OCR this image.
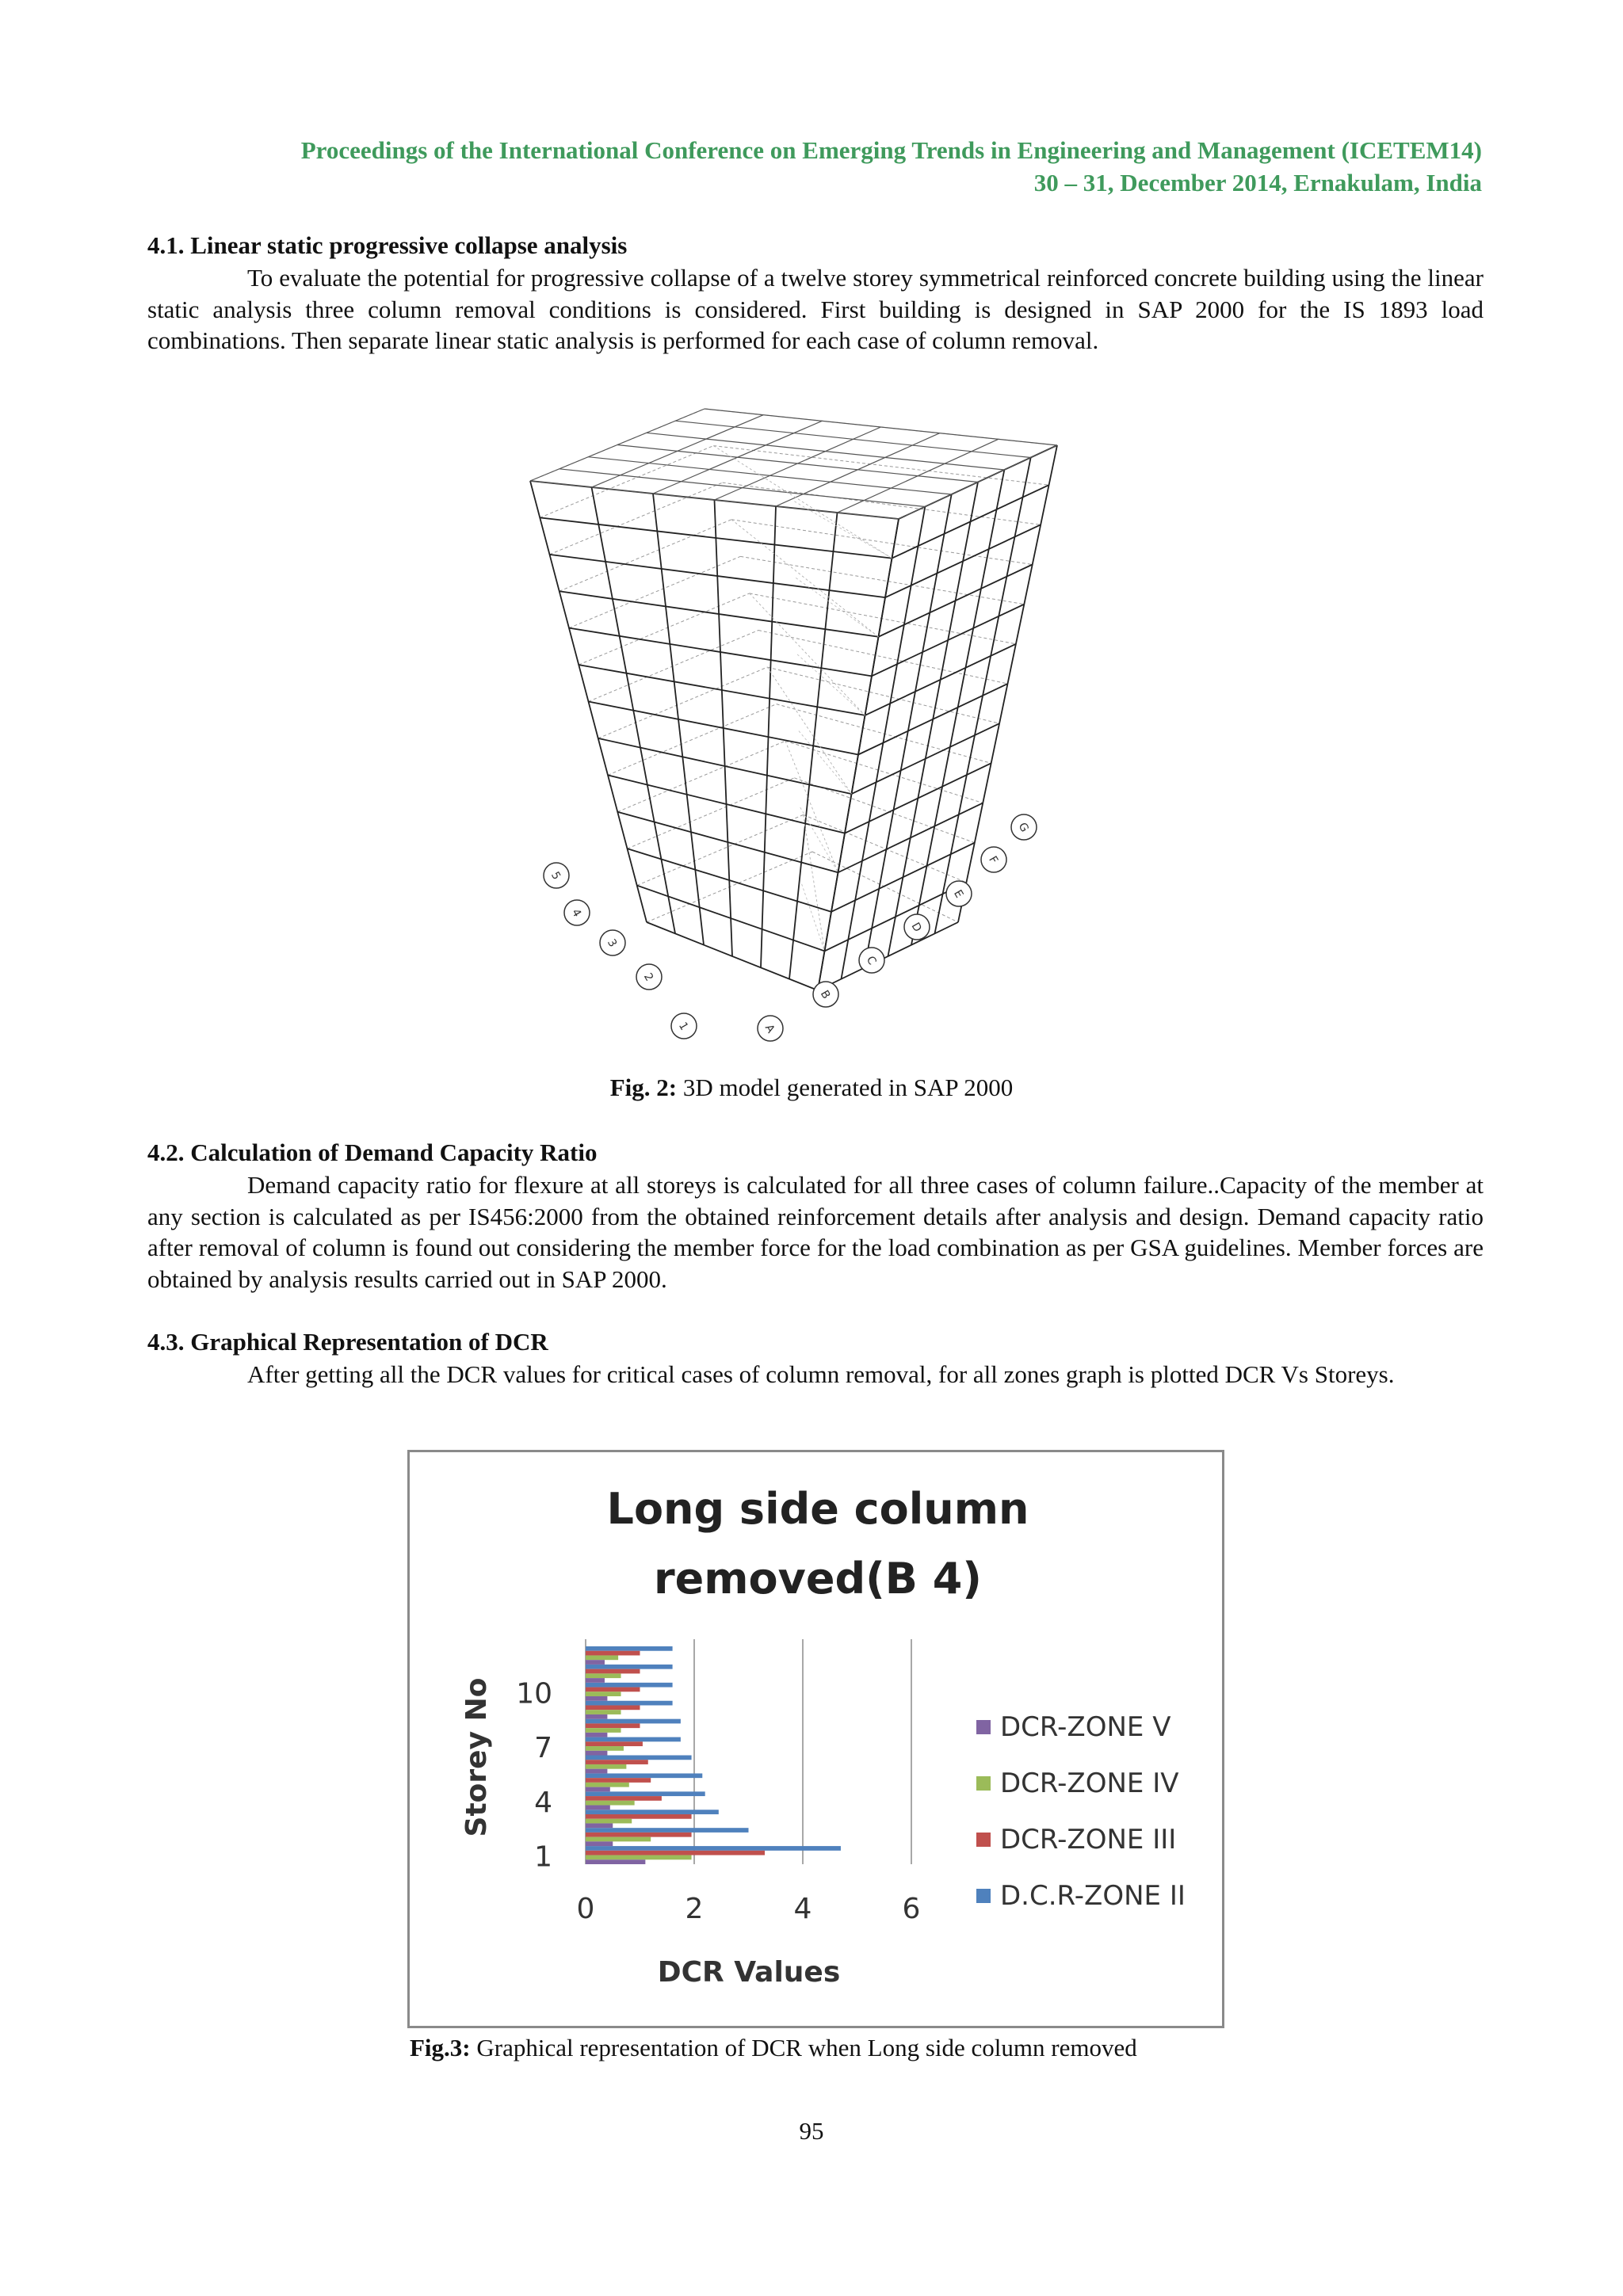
Proceedings of the International Conference on Emerging Trends in Engineering and Management (ICETEM14)
30 – 31, December 2014, Ernakulam, India
4.1. Linear static progressive collapse analysis

To evaluate the potential for progressive collapse of a twelve storey symmetrical reinforced concrete building using the linear static analysis three column removal conditions is considered. First building is designed in SAP 2000 for the IS 1893 load combinations. Then separate linear static analysis is performed for each case of column removal.

5
4
3
2
1	A
B
C
D
E
F
G
Fig. 2: 3D model generated in SAP 2000
4.2. Calculation of Demand Capacity Ratio

Demand capacity ratio for flexure at all storeys is calculated for all three cases of column failure..Capacity of the member at any section is calculated as per IS456:2000 from the obtained reinforcement details after analysis and design. Demand capacity ratio after removal of column is found out considering the member force for the load combination as per GSA guidelines. Member forces are obtained by analysis results carried out in SAP 2000.

4.3. Graphical Representation of DCR

After getting all the DCR values for critical cases of column removal, for all zones graph is plotted DCR Vs Storeys.

Long side column
removed(B 4)
1
4
7
10
0	2	4	6
DCR Values
Storey No	DCR-ZONE V
DCR-ZONE IV
DCR-ZONE III
D.C.R-ZONE II
Fig.3: Graphical representation of DCR when Long side column removed
95
